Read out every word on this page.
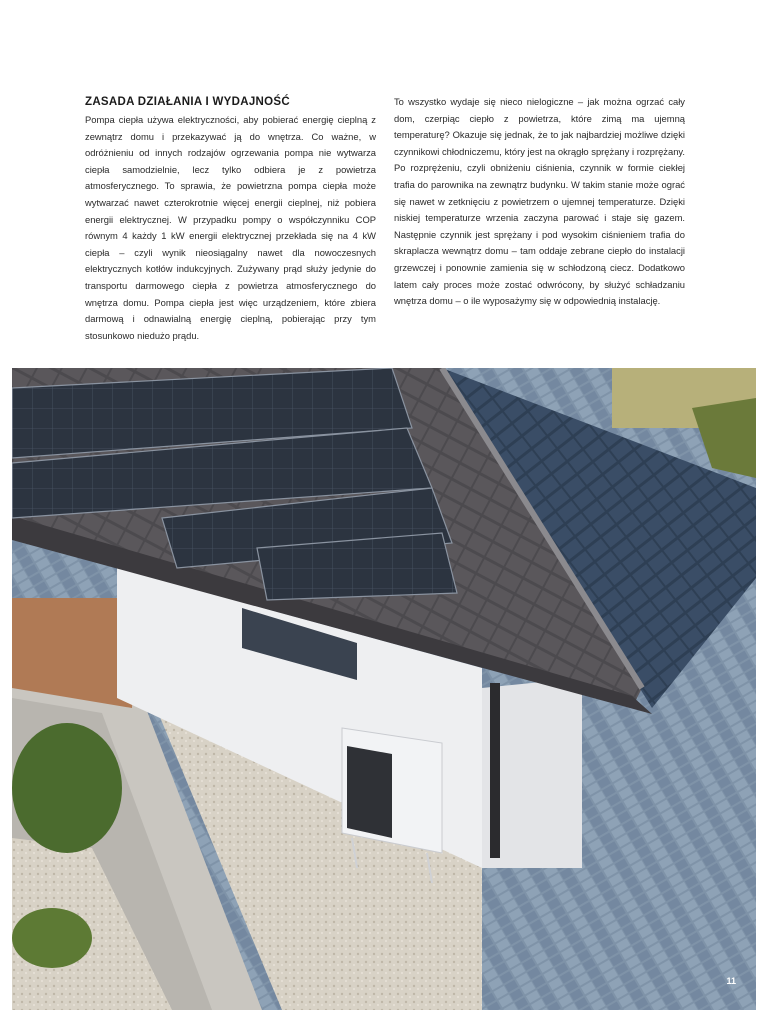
ZASADA DZIAŁANIA I WYDAJNOŚĆ

Pompa ciepła używa elektryczności, aby pobierać energię cieplną z zewnątrz domu i przekazywać ją do wnętrza. Co ważne, w odróżnieniu od innych rodzajów ogrzewania pompa nie wytwarza ciepła samodzielnie, lecz tylko odbiera je z powietrza atmosferycznego. To sprawia, że powietrzna pompa ciepła może wytwarzać nawet czterokrotnie więcej energii cieplnej, niż pobiera energii elektrycznej. W przypadku pompy o współczynniku COP równym 4 każdy 1 kW energii elektrycznej przekłada się na 4 kW ciepła – czyli wynik nieosiągalny nawet dla nowoczesnych elektrycznych kotłów indukcyjnych. Zużywany prąd służy jedynie do transportu darmowego ciepła z powietrza atmosferycznego do wnętrza domu. Pompa ciepła jest więc urządzeniem, które zbiera darmową i odnawialną energię cieplną, pobierając przy tym stosunkowo niedużo prądu.

To wszystko wydaje się nieco nielogiczne – jak można ogrzać cały dom, czerpiąc ciepło z powietrza, które zimą ma ujemną temperaturę? Okazuje się jednak, że to jak najbardziej możliwe dzięki czynnikowi chłodniczemu, który jest na okrągło sprężany i rozprężany. Po rozprężeniu, czyli obniżeniu ciśnienia, czynnik w formie ciekłej trafia do parownika na zewnątrz budynku. W takim stanie może ograć się nawet w zetknięciu z powietrzem o ujemnej temperaturze. Dzięki niskiej temperaturze wrzenia zaczyna parować i staje się gazem. Następnie czynnik jest sprężany i pod wysokim ciśnieniem trafia do skraplacza wewnątrz domu – tam oddaje zebrane ciepło do instalacji grzewczej i ponownie zamienia się w schłodzoną ciecz. Dodatkowo latem cały proces może zostać odwrócony, by służyć schładzaniu wnętrza domu – o ile wyposażymy się w odpowiednią instalację.

11
